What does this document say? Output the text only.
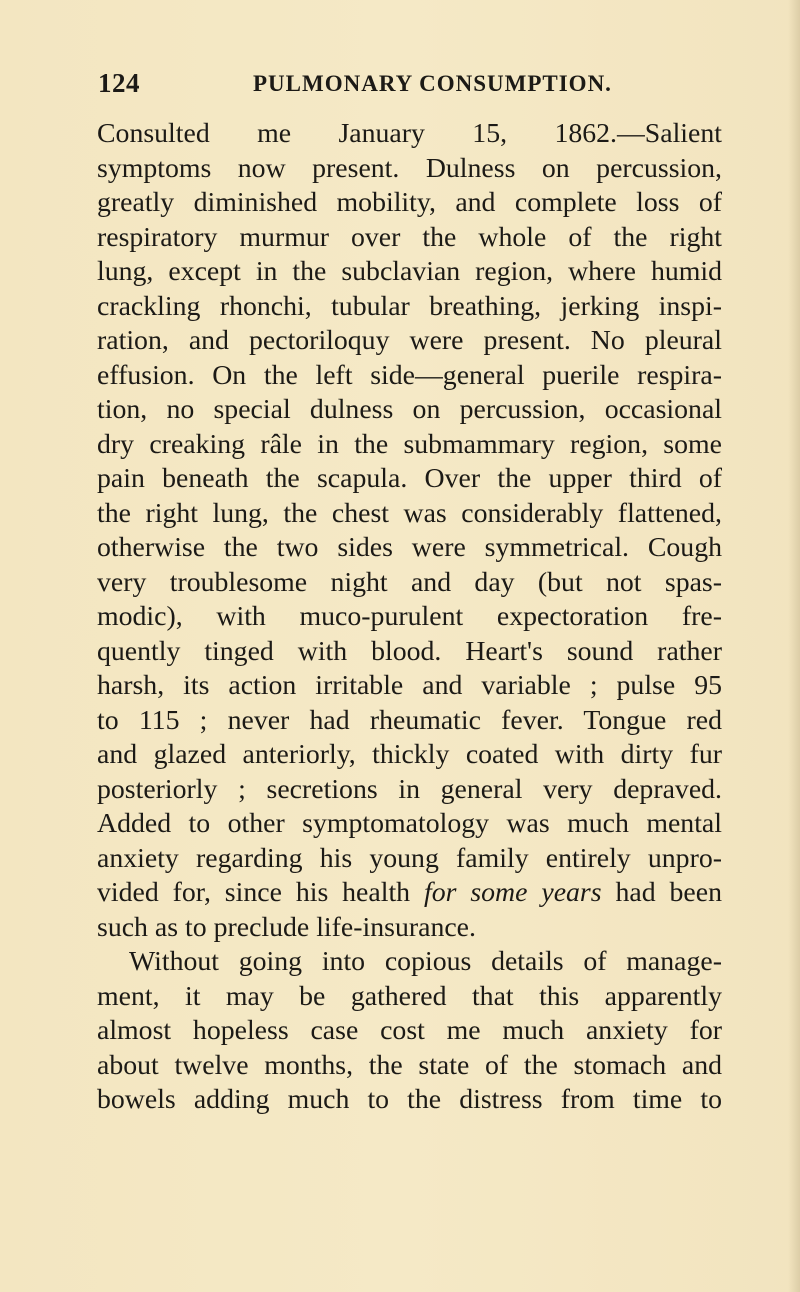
124	PULMONARY CONSUMPTION.
Consulted me January 15, 1862.—Salient
symptoms now present. Dulness on percussion,
greatly diminished mobility, and complete loss of
respiratory murmur over the whole of the right
lung, except in the subclavian region, where humid
crackling rhonchi, tubular breathing, jerking inspi-
ration, and pectoriloquy were present. No pleural
effusion. On the left side—general puerile respira-
tion, no special dulness on percussion, occasional
dry creaking râle in the submammary region, some
pain beneath the scapula. Over the upper third of
the right lung, the chest was considerably flattened,
otherwise the two sides were symmetrical. Cough
very troublesome night and day (but not spas-
modic), with muco-purulent expectoration fre-
quently tinged with blood. Heart's sound rather
harsh, its action irritable and variable ; pulse 95
to 115 ; never had rheumatic fever. Tongue red
and glazed anteriorly, thickly coated with dirty fur
posteriorly ; secretions in general very depraved.
Added to other symptomatology was much mental
anxiety regarding his young family entirely unpro-
vided for, since his health for some years had been
such as to preclude life-insurance.
Without going into copious details of manage-
ment, it may be gathered that this apparently
almost hopeless case cost me much anxiety for
about twelve months, the state of the stomach and
bowels adding much to the distress from time to
